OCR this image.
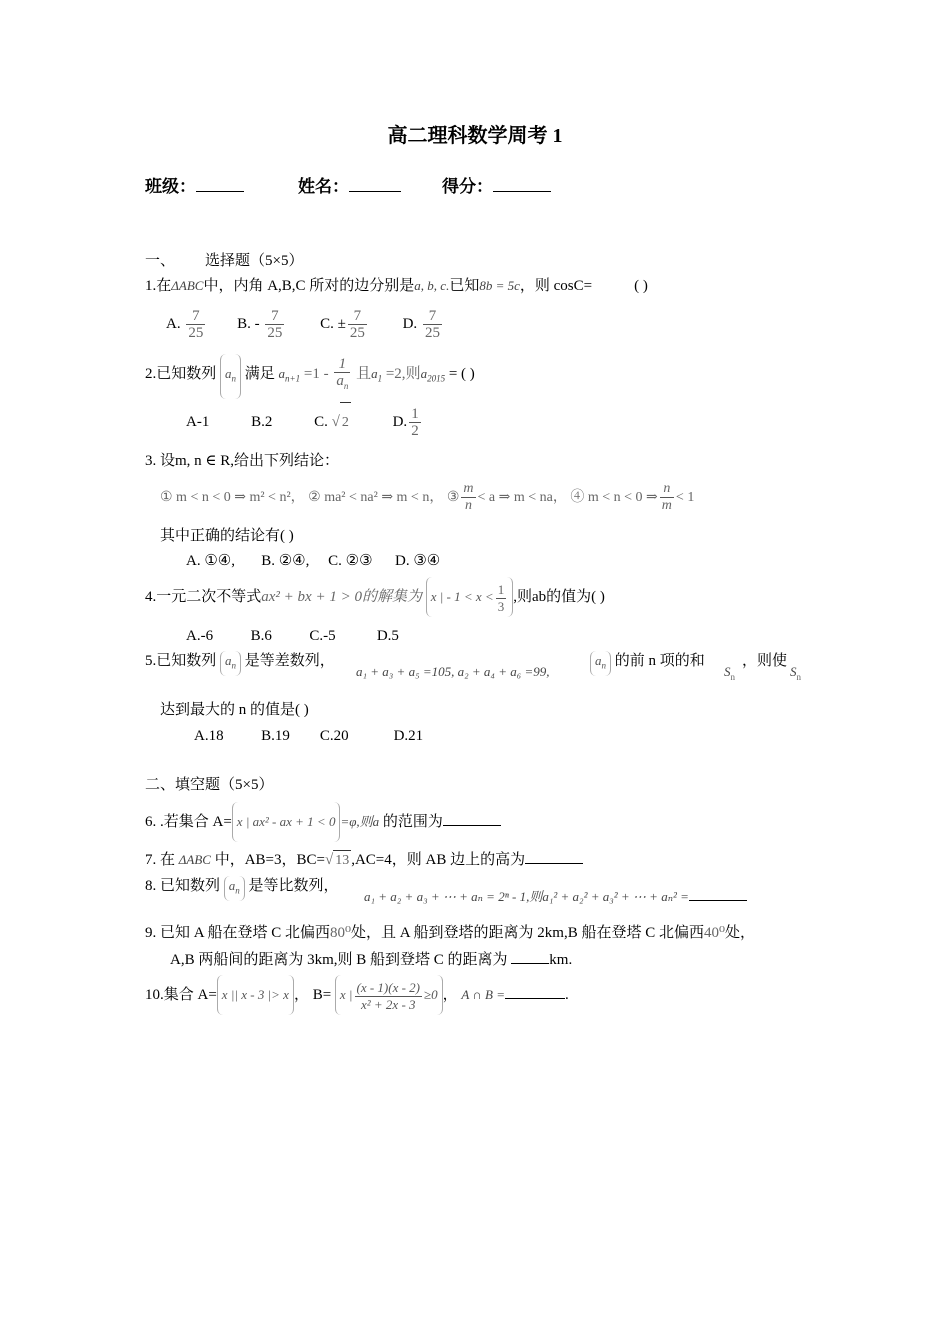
高二理科数学周考 1
班级：	姓名：	得分：
一、        选择题（5×5）
1.在ΔABC中，内角 A,B,C 所对的边分别是a, b, c.已知8b = 5c，则 cosC=	( )
A. $\frac{7}{25} B$. - $\frac{7}{25} C$. ± $\frac{7}{25} D$. $\frac{7}{25}$
2.已知数列 $a_n$ 满足 $a_{n+1} =1 - \frac{1}{a_n}$ 且$a_1 =2$,则$a_{2015}$ = ( )
A-1	B.2	C. √ 2	D. $\frac{1}{2}$
3. 设m, n ∈ R,给出下列结论：
① m < n < 0 ⇒ m² < n²， ② ma² < na² ⇒ m < n， ③ $\frac{m}{n} < a$ ⇒ m < na， ④ m < n < 0 ⇒ $\frac{n}{m} < 1$
其中正确的结论有( )
A. ①④,       B. ②④,     C. ②③      D. ③④
4.一元二次不等式ax² + bx + 1 > 0的解集为 x | - $1 < x < \frac{1}{3}$ ,则ab的值为( )
A.-6          B.6          C.-5           D.5
5.已知数列 $a_n$ 是等差数列，
a₁ + a₃ + a₅ =105, a₂ + a₄ + a₆ =99,
$a_n$ 的前 n 项的和
$S_n$
，则使
$S_n$
达到最大的 n 的值是( )
A.18          B.19        C.20            D.21
二、填空题（5×5）
6. .若集合 A= x | ax² - ax + 1 < 0 =φ,则a 的范围为
7. 在 ΔABC 中，AB=3，BC=√ 13 ,AC=4，则 AB 边上的高为
8. 已知数列 $a_n$ 是等比数列，
a₁ + a₂ + a₃ + ⋯ + aₙ = 2ⁿ - 1,则a₁² + a₂² + a₃² + ⋯ + aₙ² =
9. 已知 A 船在登塔 C 北偏西80⁰处，且 A 船到登塔的距离为 2km,B 船在登塔 C 北偏西40⁰处，
A,B 两船间的距离为 3km,则 B 船到登塔 C 的距离为	km.
10.集合 A= x || x - 3 |> x ， B= x | $\frac{(x - 1)(x - 2)}{\text{x² + 2x - 3}} \ge 0$ ， A ∩ B =	.
